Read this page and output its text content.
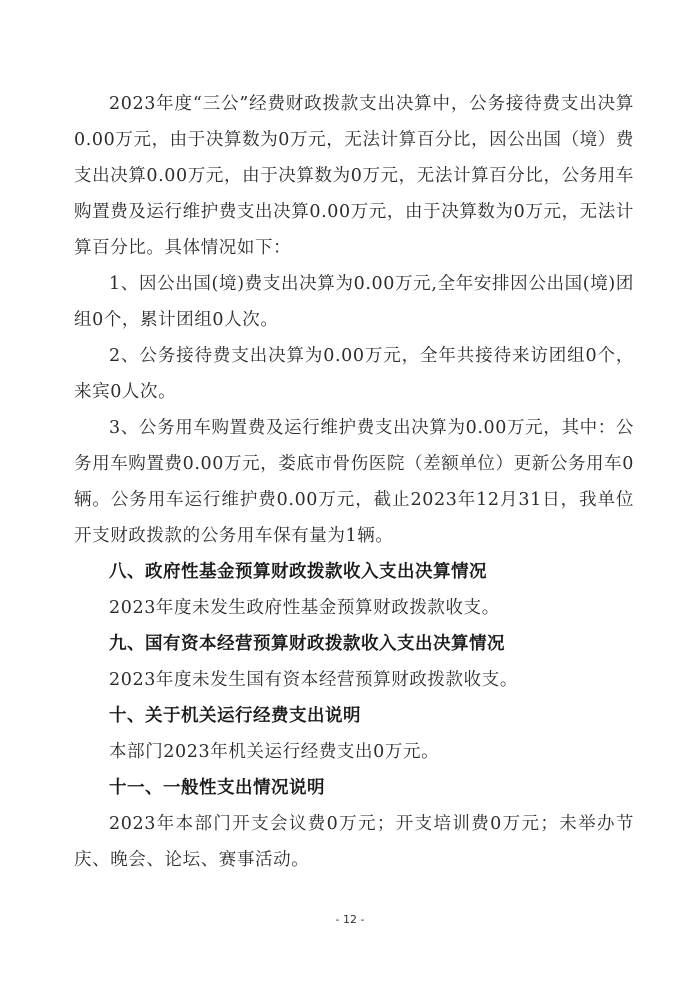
2023年度“三公”经费财政拨款支出决算中，公务接待费支出决算0.00万元，由于决算数为0万元，无法计算百分比，因公出国（境）费支出决算0.00万元，由于决算数为0万元，无法计算百分比，公务用车购置费及运行维护费支出决算0.00万元，由于决算数为0万元，无法计算百分比。具体情况如下：

1、因公出国(境)费支出决算为0.00万元,全年安排因公出国(境)团组0个，累计团组0人次。

2、公务接待费支出决算为0.00万元，全年共接待来访团组0个，来宾0人次。

3、公务用车购置费及运行维护费支出决算为0.00万元，其中：公务用车购置费0.00万元，娄底市骨伤医院（差额单位）更新公务用车0辆。公务用车运行维护费0.00万元，截止2023年12月31日，我单位开支财政拨款的公务用车保有量为1辆。

八、政府性基金预算财政拨款收入支出决算情况

2023年度未发生政府性基金预算财政拨款收支。

九、国有资本经营预算财政拨款收入支出决算情况

2023年度未发生国有资本经营预算财政拨款收支。

十、关于机关运行经费支出说明

本部门2023年机关运行经费支出0万元。

十一、一般性支出情况说明

2023年本部门开支会议费0万元；开支培训费0万元；未举办节庆、晚会、论坛、赛事活动。

- 12 -
